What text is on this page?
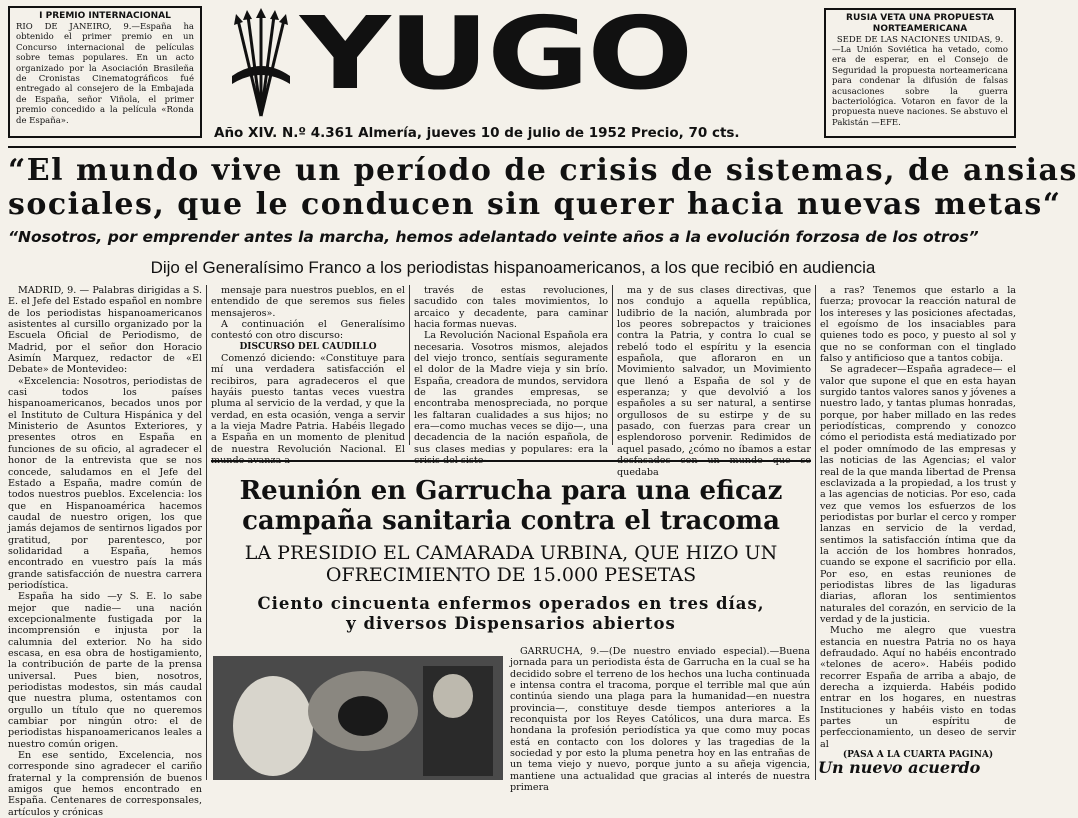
I PREMIO INTERNACIONAL
RIO DE JANEIRO, 9.—España ha obtenido el primer premio en un Concurso internacional de películas sobre temas populares. En un acto organizado por la Asociación Brasileña de Cronistas Cinematográficos fué entregado al consejero de la Embajada de España, señor Viñola, el primer premio concedido a la película «Ronda de España».
YUGO
Año XIV. N.º 4.361 Almería, jueves 10 de julio de 1952 Precio, 70 cts.
RUSIA VETA UNA PROPUESTA NORTEAMERICANA
SEDE DE LAS NACIONES UNIDAS, 9.
—La Unión Soviética ha vetado, como era de esperar, en el Consejo de Seguridad la propuesta norteamericana para condenar la difusión de falsas acusaciones sobre la guerra bacteriológica. Votaron en favor de la propuesta nueve naciones. Se abstuvo el Pakistán —EFE.
“El mundo vive un período de crisis de sistemas, de ansias
sociales, que le conducen sin querer hacia nuevas metas“
“Nosotros, por emprender antes la marcha, hemos adelantado veinte años a la evolución forzosa de los otros”
Dijo el Generalísimo Franco a los periodistas hispanoamericanos, a los que recibió en audiencia

MADRID, 9. — Palabras dirigidas a S. E. el Jefe del Estado español en nombre de los periodistas hispanoamericanos asistentes al cursillo organizado por la Escuela Oficial de Periodismo, de Madrid, por el señor don Horacio Asimín Marquez, redactor de «El Debate» de Montevideo:

«Excelencia: Nosotros, periodistas de casi todos los países hispanoamericanos, becados unos por el Instituto de Cultura Hispánica y del Ministerio de Asuntos Exteriores, y presentes otros en España en funciones de su oficio, al agradecer el honor de la entrevista que se nos concede, saludamos en el Jefe del Estado a España, madre común de todos nuestros pueblos. Excelencia: los que en Hispanoamérica hacemos caudal de nuestro origen, los que jamás dejamos de sentirnos ligados por gratitud, por parentesco, por solidaridad a España, hemos encontrado en vuestro país la más grande satisfacción de nuestra carrera periodística.

España ha sido —y S. E. lo sabe mejor que nadie— una nación excepcionalmente fustigada por la incomprensión e injusta por la calumnia del exterior. No ha sido escasa, en esa obra de hostigamiento, la contribución de parte de la prensa universal. Pues bien, nosotros, periodistas modestos, sin más caudal que nuestra pluma, ostentamos con orgullo un título que no queremos cambiar por ningún otro: el de periodistas hispanoamericanos leales a nuestro común origen.

En ese sentido, Excelencia, nos corresponde sino agradecer el cariño fraternal y la comprensión de buenos amigos que hemos encontrado en España. Centenares de corresponsales, artículos y crónicas

mensaje para nuestros pueblos, en el entendido de que seremos sus fieles mensajeros».

A continuación el Generalísimo contestó con otro discurso:

DISCURSO DEL CAUDILLO

Comenzó diciendo: «Constituye para mí una verdadera satisfacción el recibiros, para agradeceros el que hayáis puesto tantas veces vuestra pluma al servicio de la verdad, y que la verdad, en esta ocasión, venga a servir a la vieja Madre Patria. Habéis llegado a España en un momento de plenitud de nuestra Revolución Nacional. El

través de estas revoluciones, sacudido con tales movimientos, lo arcaico y decadente, para caminar hacia formas nuevas.

La Revolución Nacional Española era necesaria. Vosotros mismos, alejados del viejo tronco, sentíais seguramente el dolor de la Madre vieja y sin brío. España, creadora de mundos, servidora de las grandes empresas, se encontraba menospreciada, no porque les faltaran cualidades a sus hijos; no era—como muchas veces se dijo—, una decadencia de la nación española, de sus clases medias y populares: era la

ma y de sus clases directivas, que nos condujo a aquella república, ludibrio de la nación, alumbrada por los peores sobrepactos y traiciones contra la Patria, y contra lo cual se rebeló todo el espíritu y la esencia española, que afloraron en un Movimiento salvador, un Movimiento que llenó a España de sol y de esperanza; y que devolvió a los españoles a su ser natural, a sentirse orgullosos de su estirpe y de su pasado, con fuerzas para crear un esplendoroso porvenir. Redimidos de aquel pasado, ¿cómo no íbamos a estar quedaba

a ras? Tenemos que estarlo a la fuerza; provocar la reacción natural de los intereses y las posiciones afectadas, el egoísmo de los insaciables para quienes todo es poco, y puesto al sol y que no se conforman con el tinglado falso y antificioso que a tantos cobija.

Se agradecer—España agradece— el valor que supone el que en esta hayan surgido tantos valores sanos y jóvenes a nuestro lado, y tantas plumas honradas, porque, por haber millado en las redes periodísticas, comprendo y conozco cómo el periodista está mediatizado por el poder omnímodo de las empresas y las noticias de las Agencias; el valor real de la que manda libertad de Prensa esclavizada a la propiedad, a los trust y a las agencias de noticias. Por eso, cada vez que vemos los esfuerzos de los periodistas por burlar el cerco y romper lanzas en servicio de la verdad, sentimos la satisfacción íntima que da la acción de los hombres honrados, cuando se expone el sacrificio por ella. Por eso, en estas reuniones de periodistas libres de las ligaduras diarias, afloran los sentimientos naturales del corazón, en servicio de la verdad y de la justicia.

Mucho me alegro que vuestra estancia en nuestra Patria no os haya defraudado. Aquí no habéis encontrado «telones de acero». Habéis podido recorrer España de arriba a abajo, de derecha a izquierda. Habéis podido entrar en los hogares, en nuestras Instituciones y habéis visto en todas partes un espíritu de perfeccionamiento, un deseo de servir al

(PASA A LA CUARTA PAGINA)

Un nuevo acuerdo
Reunión en Garrucha para una eficaz
campaña sanitaria contra el tracoma
LA PRESIDIO EL CAMARADA URBINA, QUE HIZO UN
OFRECIMIENTO DE 15.000 PESETAS
Ciento cincuenta enfermos operados en tres días,
y diversos Dispensarios abiertos

GARRUCHA, 9.—(De nuestro enviado especial).—Buena jornada para un periodista ésta de Garrucha en la cual se ha decidido sobre el terreno de los hechos una lucha continuada e intensa contra el tracoma, porque el terrible mal que aún continúa siendo una plaga para la humanidad—en nuestra provincia—, constituye desde tiempos anteriores a la reconquista por los Reyes Católicos, una dura marca. Es hondana la profesión periodística ya que como muy pocas está en contacto con los dolores y las tragedias de la sociedad y por esto la pluma penetra hoy en las entrañas de un tema viejo y nuevo, porque junto a su añeja vigencia, mantiene una actualidad que gracias al interés de nuestra primera
